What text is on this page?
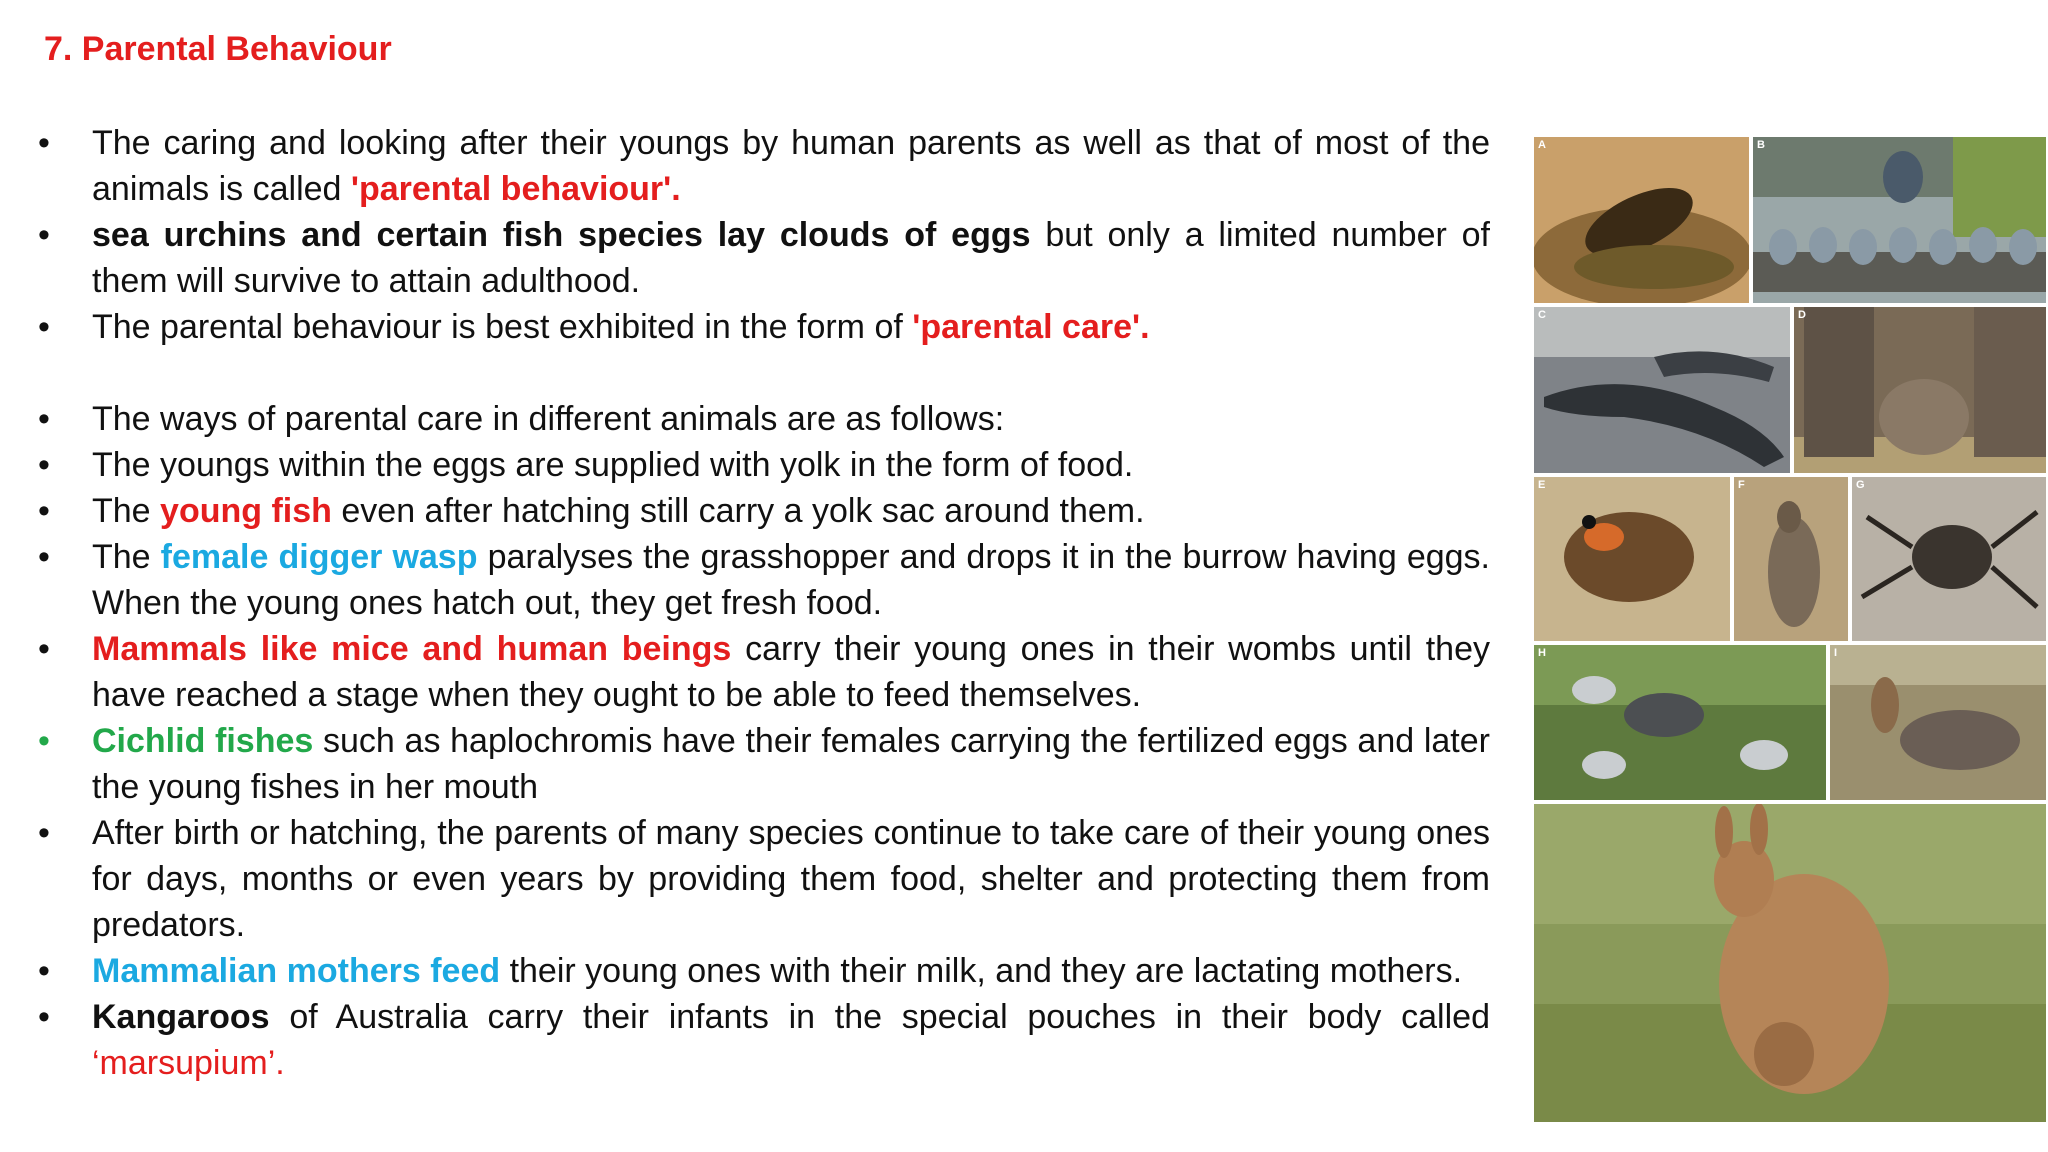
7. Parental Behaviour
•	The caring and looking after their youngs by human parents as well as that of most of the animals is called 'parental behaviour'.
•	sea urchins and certain fish species lay clouds of eggs but only a limited number of them will survive to attain adulthood.
•	The parental behaviour is best exhibited in the form of 'parental care'.
•	The ways of parental care in different animals are as follows:
•	The youngs within the eggs are supplied with yolk in the form of food.
•	The young fish even after hatching still carry a yolk sac around them.
•	The female digger wasp paralyses the grasshopper and drops it in the burrow having eggs. When the young ones hatch out, they get fresh food.
•	Mammals like mice and human beings carry their young ones in their wombs until they have reached a stage when they ought to be able to feed themselves.
•	Cichlid fishes such as haplochromis have their females carrying the fertilized eggs and later the young fishes in her mouth
•	After birth or hatching, the parents of many species continue to take care of their young ones for days, months or even years by providing them food, shelter and protecting them from predators.
•	Mammalian mothers feed their young ones with their milk, and they are lactating mothers.
•	Kangaroos of Australia carry their infants in the special pouches in their body called ‘marsupium’.
A	B
C	D
E	F	G
H	I
